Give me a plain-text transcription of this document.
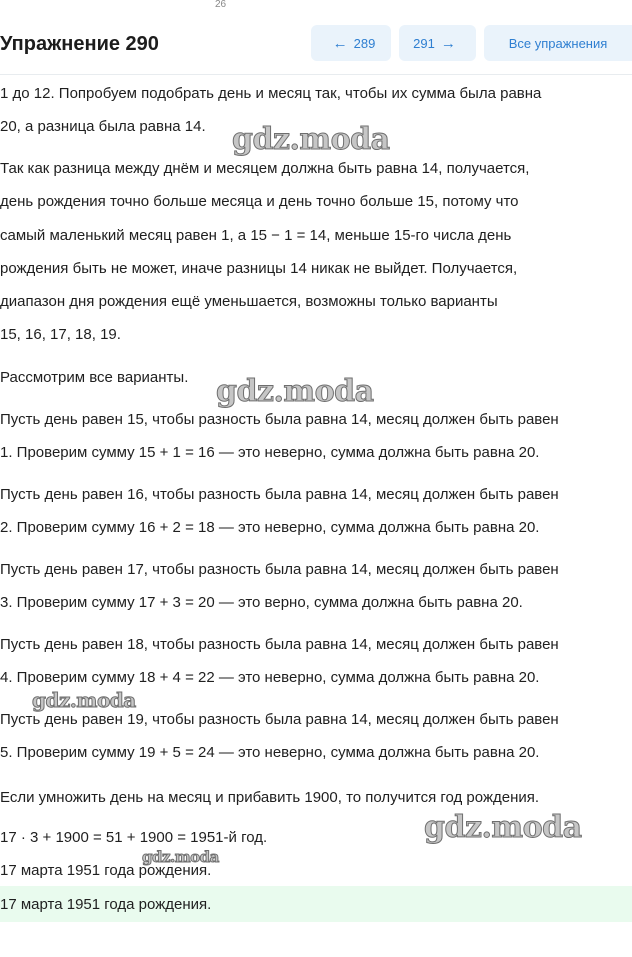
26
Упражнение 290	← 289	291 →	Все упражнения
1 до 12. Попробуем подобрать день и месяц так, чтобы их сумма была равна
20, а разница была равна 14.
Так как разница между днём и месяцем должна быть равна 14, получается,
день рождения точно больше месяца и день точно больше 15, потому что
самый маленький месяц равен 1, а 15 − 1 = 14, меньше 15-го числа день
рождения быть не может, иначе разницы 14 никак не выйдет. Получается,
диапазон дня рождения ещё уменьшается, возможны только варианты
15, 16, 17, 18, 19.
Рассмотрим все варианты.
Пусть день равен 15, чтобы разность была равна 14, месяц должен быть равен
1. Проверим сумму 15 + 1 = 16 — это неверно, сумма должна быть равна 20.
Пусть день равен 16, чтобы разность была равна 14, месяц должен быть равен
2. Проверим сумму 16 + 2 = 18 — это неверно, сумма должна быть равна 20.
Пусть день равен 17, чтобы разность была равна 14, месяц должен быть равен
3. Проверим сумму 17 + 3 = 20 — это верно, сумма должна быть равна 20.
Пусть день равен 18, чтобы разность была равна 14, месяц должен быть равен
4. Проверим сумму 18 + 4 = 22 — это неверно, сумма должна быть равна 20.
Пусть день равен 19, чтобы разность была равна 14, месяц должен быть равен
5. Проверим сумму 19 + 5 = 24 — это неверно, сумма должна быть равна 20.
Если умножить день на месяц и прибавить 1900, то получится год рождения.
17 · 3 + 1900 = 51 + 1900 = 1951-й год.
17 марта 1951 года рождения.
17 марта 1951 года рождения.
gdz.moda
gdz.moda
gdz.moda
gdz.moda
gdz.moda
